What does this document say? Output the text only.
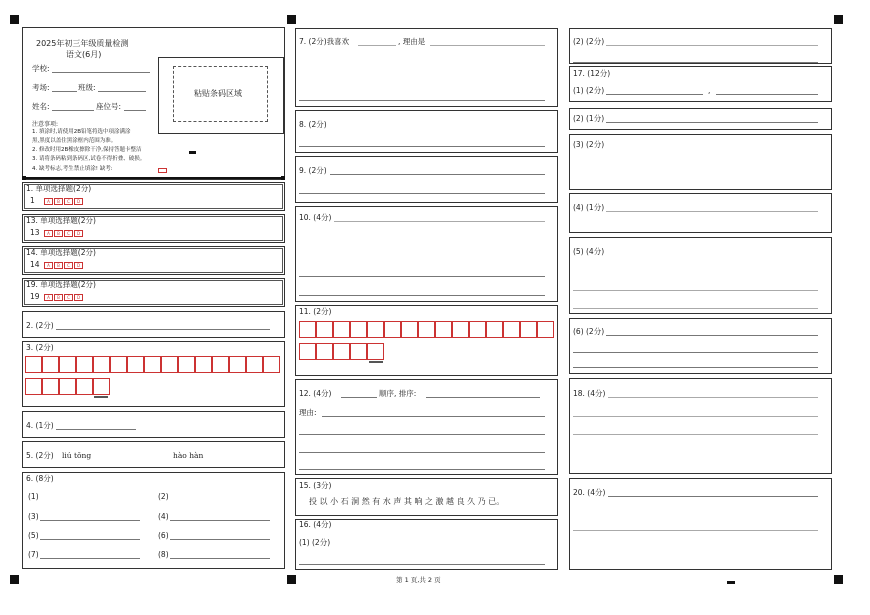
2025年初三年级质量检测
语文(6月)
学校:
考场:	班级:
姓名:	座位号:
粘贴条码区域
注意事项:
1. 填涂时,请使用2B铅笔将选中项涂满涂
黑,黑度以盖住黑涂框内范围为准。
2. 修改时用2B橡皮擦除干净,保持答题卡整洁
3. 请将条码粘到条码区,试卷不得折叠、破损。
4. 缺考标志,考生禁止填涂! 缺考:
1. 单项选择题(2分)
1	A B C D
13. 单项选择题(2分)
13	A B C D
14. 单项选择题(2分)
14	A B C D
19. 单项选择题(2分)
19	A B C D
2. (2分)
3. (2分)
4. (1分)
5. (2分) liú tǒng	hào hàn
6. (8分)
(1)	(2)
(3)	(4)
(5)	(6)
(7)	(8)
7. (2分)我喜欢	, 理由是
8. (2分)
9. (2分)
10. (4分)
11. (2分)
12. (4分)	顺序, 排序:
理由:
15. (3分)
投 以 小 石 洞 然 有 水 声 其 响 之 激 越 良 久 乃 已。
16. (4分)
(1) (2分)
第 1 页,共 2 页
(2) (2分)
17. (12分)
(1) (2分)	,
(2) (1分)
(3) (2分)
(4) (1分)
(5) (4分)
(6) (2分)
18. (4分)
20. (4分)
